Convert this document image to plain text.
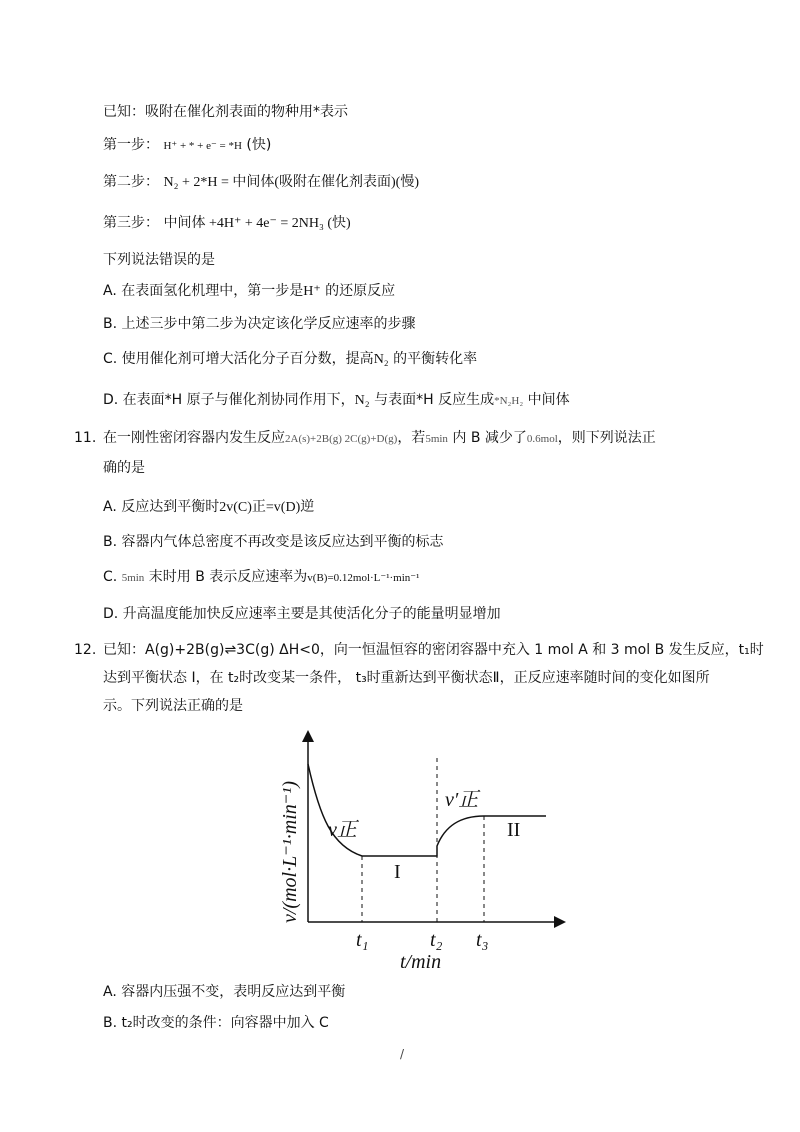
已知：吸附在催化剂表面的物种用*表示
第一步： H⁺ + * + e⁻ = *H (快)
第二步： N₂ + 2*H = 中间体(吸附在催化剂表面)(慢)
第三步： 中间体 +4H⁺ + 4e⁻ = 2NH₃ (快)
下列说法错误的是
A. 在表面氢化机理中，第一步是H⁺ 的还原反应
B. 上述三步中第二步为决定该化学反应速率的步骤
C. 使用催化剂可增大活化分子百分数，提高N₂ 的平衡转化率
D. 在表面*H 原子与催化剂协同作用下，N₂ 与表面*H 反应生成*N₂H₂ 中间体
11. 在一刚性密闭容器内发生反应2A(s)+2B(g) 2C(g)+D(g)，若5min 内 B 减少了0.6mol，则下列说法正
确的是
A. 反应达到平衡时2v(C)正=v(D)逆
B. 容器内气体总密度不再改变是该反应达到平衡的标志
C. 5min 末时用 B 表示反应速率为v(B)=0.12mol·L⁻¹·min⁻¹
D. 升高温度能加快反应速率主要是其使活化分子的能量明显增加
12. 已知：A(g)+2B(g)⇌3C(g) ΔH<0，向一恒温恒容的密闭容器中充入 1 mol A 和 3 mol B 发生反应，t₁时
达到平衡状态 I，在 t₂时改变某一条件， t₃时重新达到平衡状态Ⅱ，正反应速率随时间的变化如图所
示。下列说法正确的是
v正
v′正
I
II
t₁	t₂ t₃
t/min
v/(mol·L⁻¹·min⁻¹)
A. 容器内压强不变，表明反应达到平衡
B. t₂时改变的条件：向容器中加入 C
/
